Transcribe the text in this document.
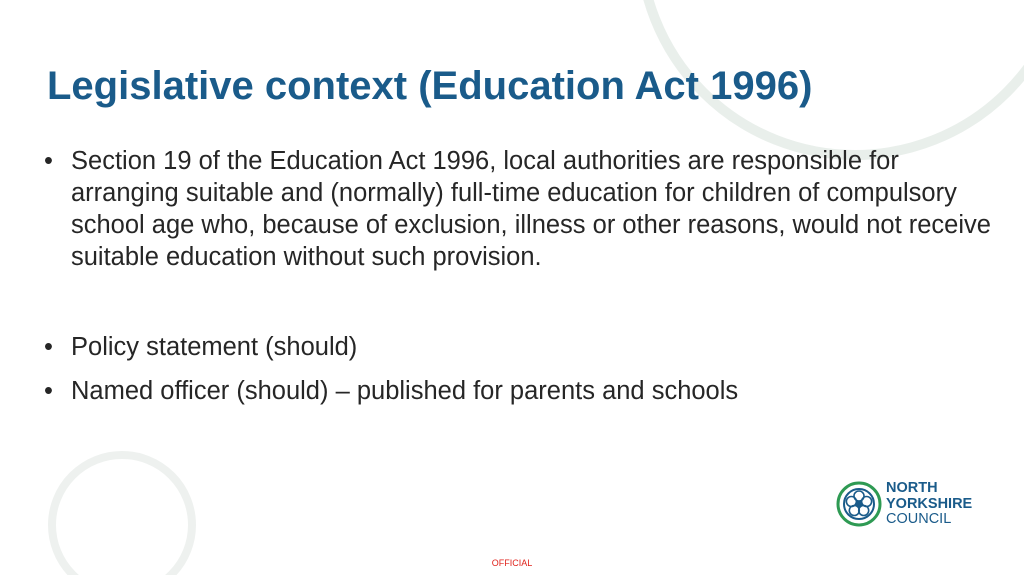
Legislative context (Education Act 1996)
• Section 19 of the Education Act 1996, local authorities are responsible for arranging suitable and (normally) full-time education for children of compulsory school age who, because of exclusion, illness or other reasons, would not receive suitable education without such provision.
• Policy statement (should)
• Named officer (should) – published for parents and schools
NORTH
YORKSHIRE
COUNCIL
OFFICIAL
